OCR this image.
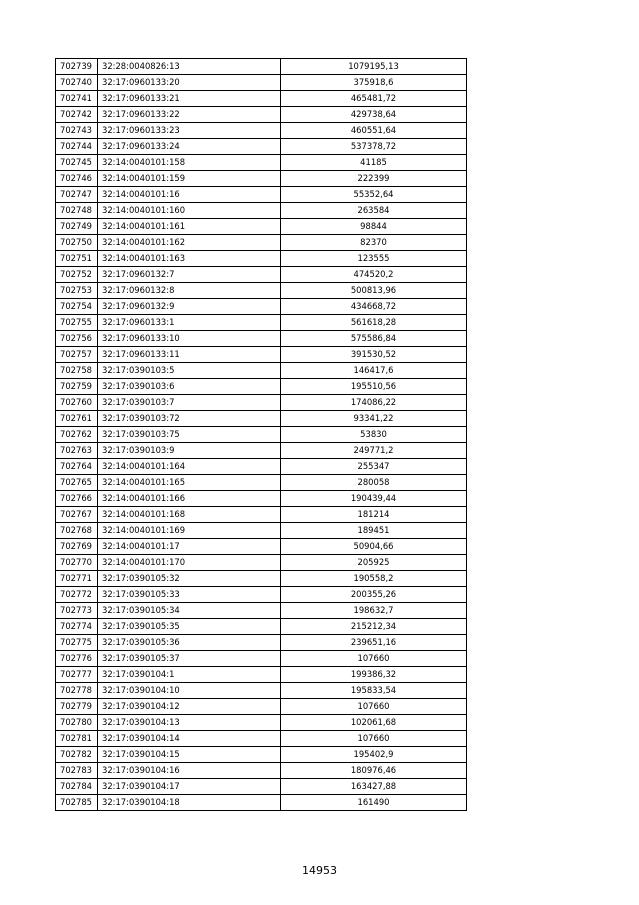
702739	32:28:0040826:13	1079195,13
702740	32:17:0960133:20	375918,6
702741	32:17:0960133:21	465481,72
702742	32:17:0960133:22	429738,64
702743	32:17:0960133:23	460551,64
702744	32:17:0960133:24	537378,72
702745	32:14:0040101:158	41185
702746	32:14:0040101:159	222399
702747	32:14:0040101:16	55352,64
702748	32:14:0040101:160	263584
702749	32:14:0040101:161	98844
702750	32:14:0040101:162	82370
702751	32:14:0040101:163	123555
702752	32:17:0960132:7	474520,2
702753	32:17:0960132:8	500813,96
702754	32:17:0960132:9	434668,72
702755	32:17:0960133:1	561618,28
702756	32:17:0960133:10	575586,84
702757	32:17:0960133:11	391530,52
702758	32:17:0390103:5	146417,6
702759	32:17:0390103:6	195510,56
702760	32:17:0390103:7	174086,22
702761	32:17:0390103:72	93341,22
702762	32:17:0390103:75	53830
702763	32:17:0390103:9	249771,2
702764	32:14:0040101:164	255347
702765	32:14:0040101:165	280058
702766	32:14:0040101:166	190439,44
702767	32:14:0040101:168	181214
702768	32:14:0040101:169	189451
702769	32:14:0040101:17	50904,66
702770	32:14:0040101:170	205925
702771	32:17:0390105:32	190558,2
702772	32:17:0390105:33	200355,26
702773	32:17:0390105:34	198632,7
702774	32:17:0390105:35	215212,34
702775	32:17:0390105:36	239651,16
702776	32:17:0390105:37	107660
702777	32:17:0390104:1	199386,32
702778	32:17:0390104:10	195833,54
702779	32:17:0390104:12	107660
702780	32:17:0390104:13	102061,68
702781	32:17:0390104:14	107660
702782	32:17:0390104:15	195402,9
702783	32:17:0390104:16	180976,46
702784	32:17:0390104:17	163427,88
702785	32:17:0390104:18	161490
14953
